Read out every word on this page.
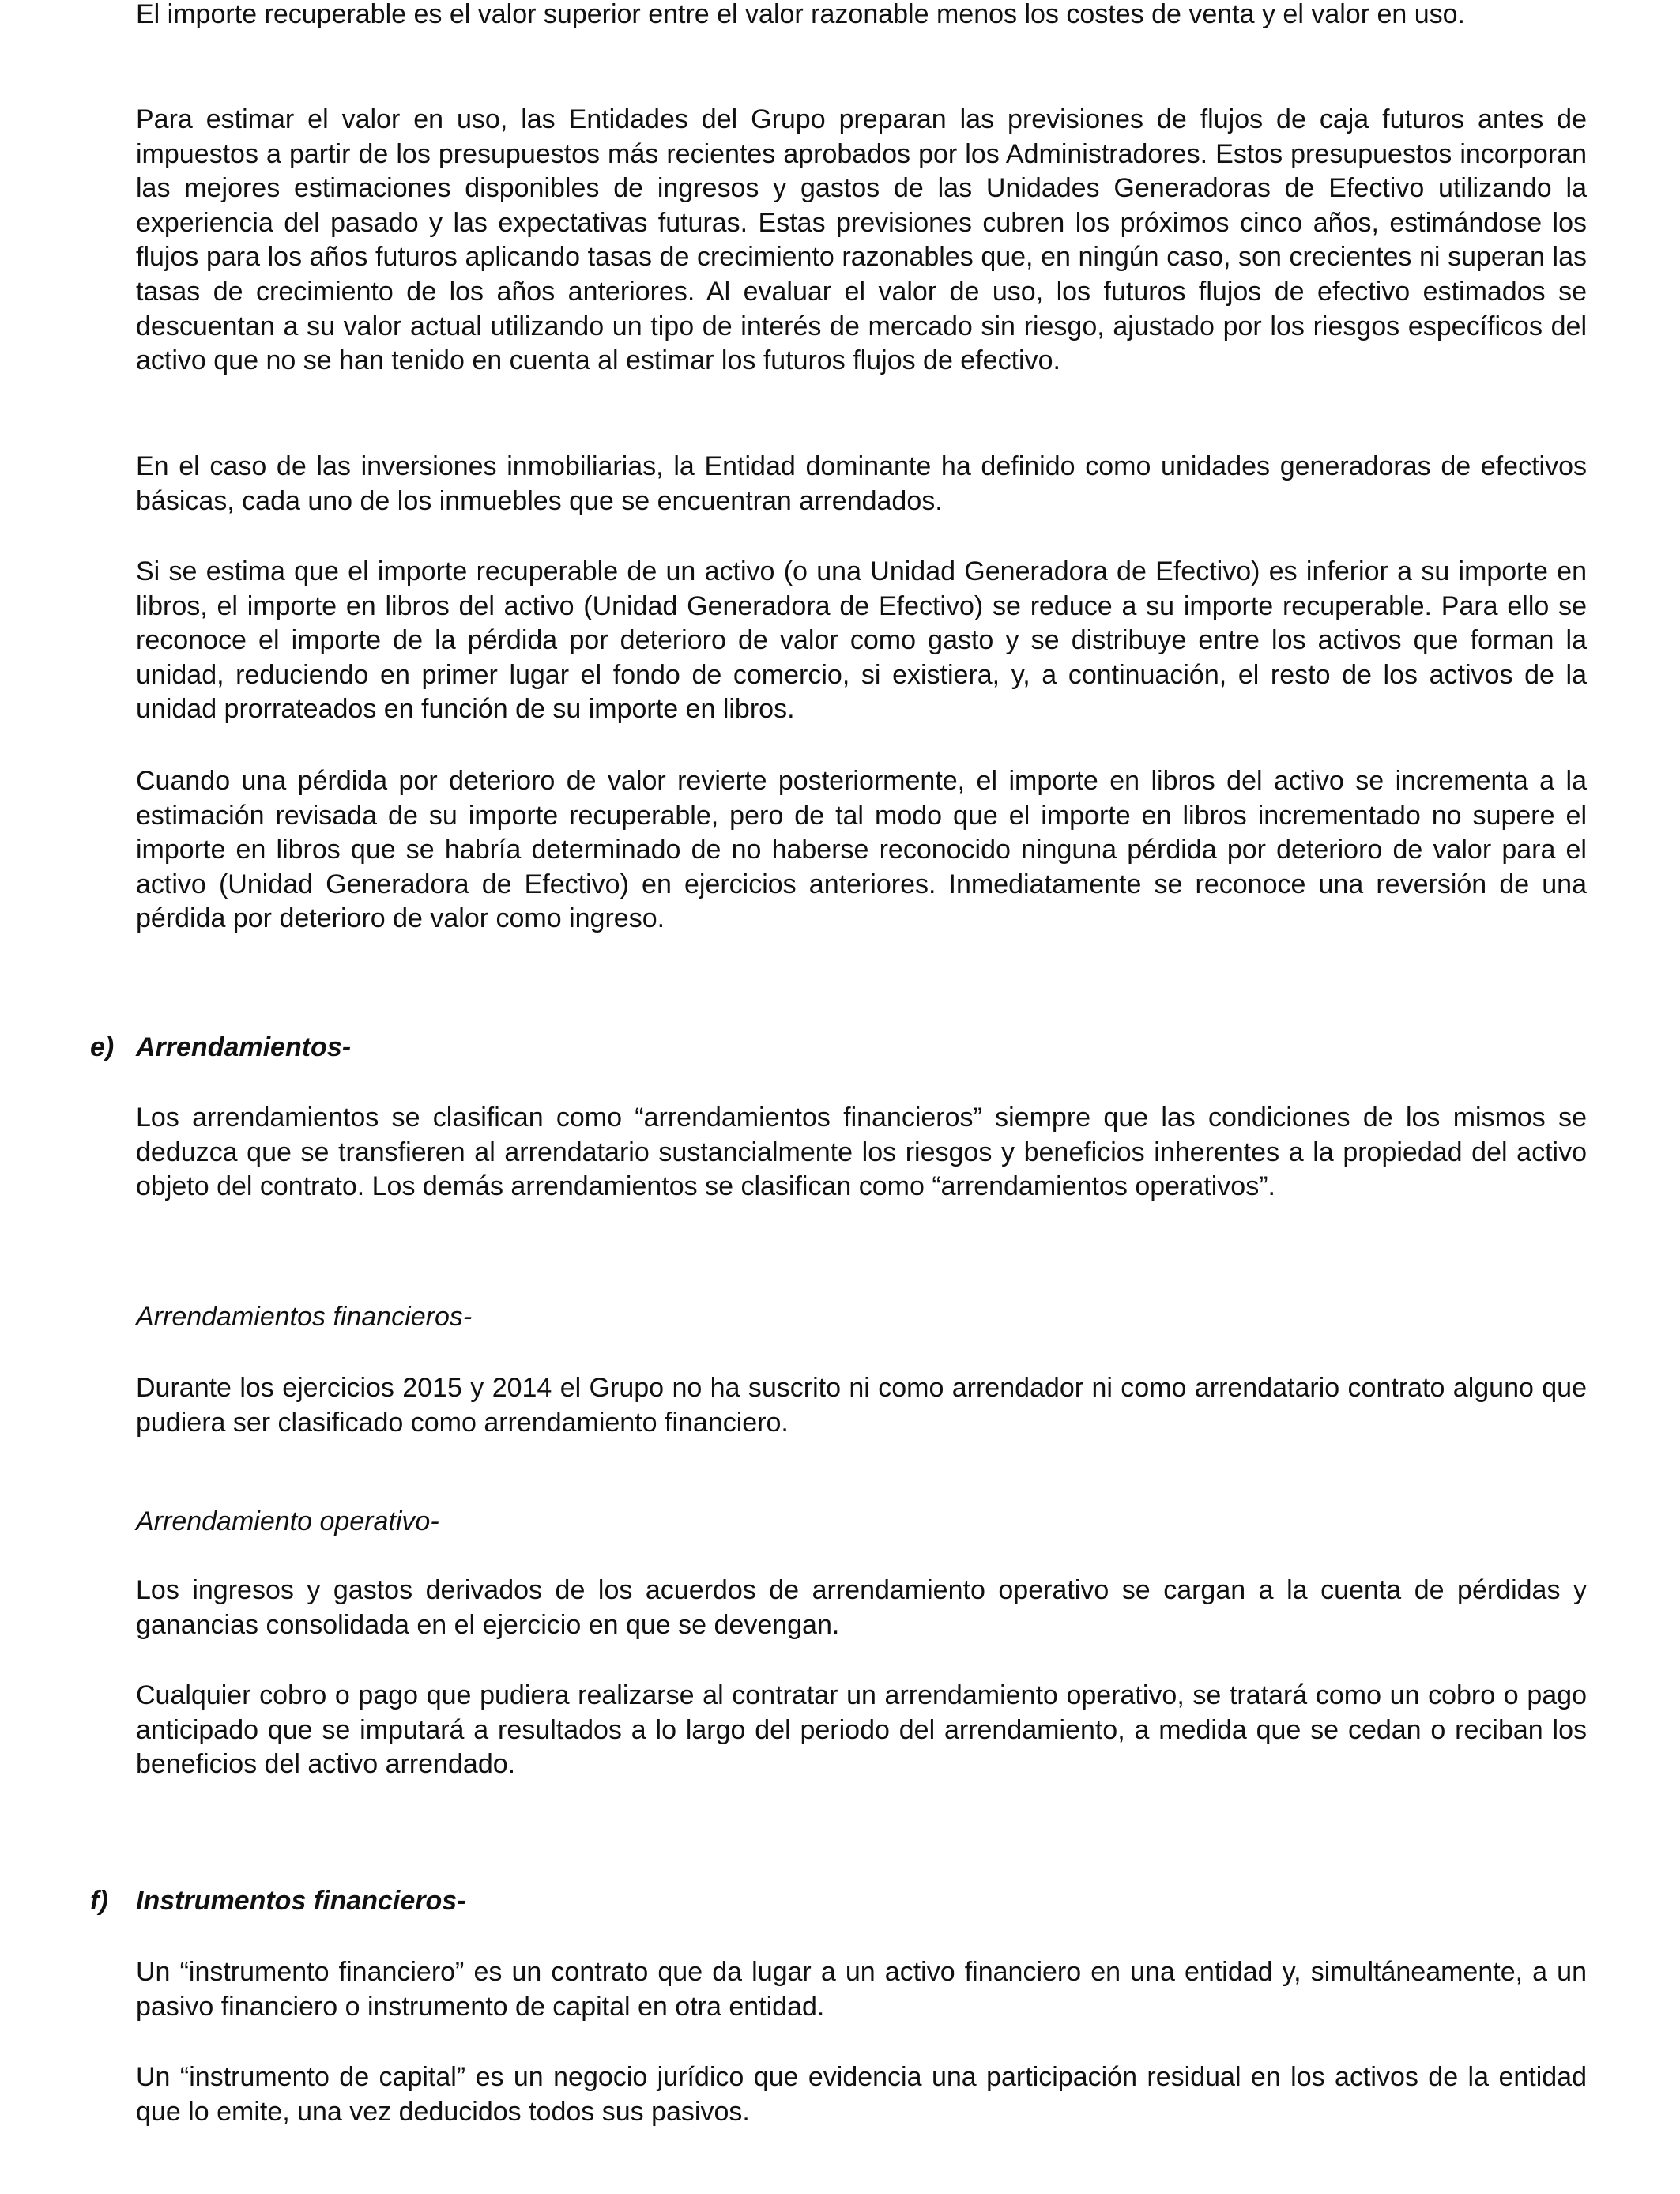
El importe recuperable es el valor superior entre el valor razonable menos los costes de venta y el valor en uso.

Para estimar el valor en uso, las Entidades del Grupo preparan las previsiones de flujos de caja futuros antes de impuestos a partir de los presupuestos más recientes aprobados por los Administradores. Estos presupuestos incorporan las mejores estimaciones disponibles de ingresos y gastos de las Unidades Generadoras de Efectivo utilizando la experiencia del pasado y las expectativas futuras. Estas previsiones cubren los próximos cinco años, estimándose los flujos para los años futuros aplicando tasas de crecimiento razonables que, en ningún caso, son crecientes ni superan las tasas de crecimiento de los años anteriores. Al evaluar el valor de uso, los futuros flujos de efectivo estimados se descuentan a su valor actual utilizando un tipo de interés de mercado sin riesgo, ajustado por los riesgos específicos del activo que no se han tenido en cuenta al estimar los futuros flujos de efectivo.

En el caso de las inversiones inmobiliarias, la Entidad dominante ha definido como unidades generadoras de efectivos básicas, cada uno de los inmuebles que se encuentran arrendados.

Si se estima que el importe recuperable de un activo (o una Unidad Generadora de Efectivo) es inferior a su importe en libros, el importe en libros del activo (Unidad Generadora de Efectivo) se reduce a su importe recuperable. Para ello se reconoce el importe de la pérdida por deterioro de valor como gasto y se distribuye entre los activos que forman la unidad, reduciendo en primer lugar el fondo de comercio, si existiera, y, a continuación, el resto de los activos de la unidad prorrateados en función de su importe en libros.

Cuando una pérdida por deterioro de valor revierte posteriormente, el importe en libros del activo se incrementa a la estimación revisada de su importe recuperable, pero de tal modo que el importe en libros incrementado no supere el importe en libros que se habría determinado de no haberse reconocido ninguna pérdida por deterioro de valor para el activo (Unidad Generadora de Efectivo) en ejercicios anteriores. Inmediatamente se reconoce una reversión de una pérdida por deterioro de valor como ingreso.

e) Arrendamientos-

Los arrendamientos se clasifican como “arrendamientos financieros” siempre que las condiciones de los mismos se deduzca que se transfieren al arrendatario sustancialmente los riesgos y beneficios inherentes a la propiedad del activo objeto del contrato. Los demás arrendamientos se clasifican como “arrendamientos operativos”.

Arrendamientos financieros-

Durante los ejercicios 2015 y 2014 el Grupo no ha suscrito ni como arrendador ni como arrendatario contrato alguno que pudiera ser clasificado como arrendamiento financiero.

Arrendamiento operativo-

Los ingresos y gastos derivados de los acuerdos de arrendamiento operativo se cargan a la cuenta de pérdidas y ganancias consolidada en el ejercicio en que se devengan.

Cualquier cobro o pago que pudiera realizarse al contratar un arrendamiento operativo, se tratará como un cobro o pago anticipado que se imputará a resultados a lo largo del periodo del arrendamiento, a medida que se cedan o reciban los beneficios del activo arrendado.

f) Instrumentos financieros-

Un “instrumento financiero” es un contrato que da lugar a un activo financiero en una entidad y, simultáneamente, a un pasivo financiero o instrumento de capital en otra entidad.

Un “instrumento de capital” es un negocio jurídico que evidencia una participación residual en los activos de la entidad que lo emite, una vez deducidos todos sus pasivos.
